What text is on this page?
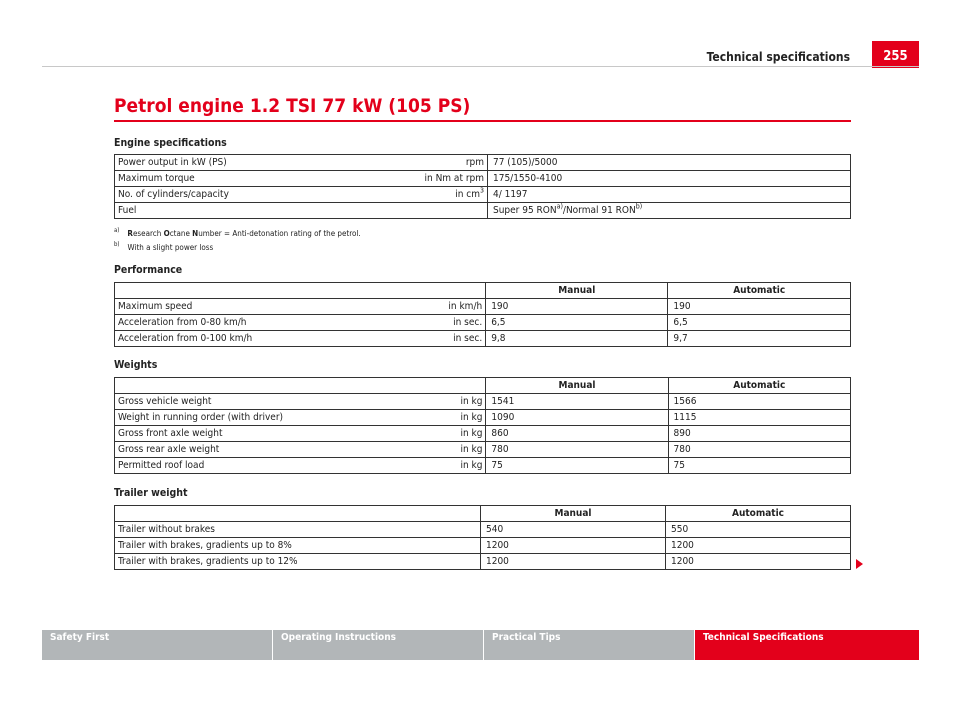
Technical specifications	255
Petrol engine 1.2 TSI 77 kW (105 PS)
Engine specifications
Power output in kW (PS)	rpm	77 (105)/5000
Maximum torque	in Nm at rpm	175/1550-4100
No. of cylinders/capacity	in $cm^3$	4/ 1197
Fuel		Super 95 RON$^{a)}$/Normal 91 RON$^{b)}$
$^{a)}$ Research Octane Number = Anti-detonation rating of the petrol.
$^{b)}$ With a slight power loss
Performance
		Manual	Automatic
Maximum speed	in km/h	190	190
Acceleration from 0-80 km/h	in sec.	6,5	6,5
Acceleration from 0-100 km/h	in sec.	9,8	9,7
Weights
		Manual	Automatic
Gross vehicle weight	in kg	1541	1566
Weight in running order (with driver)	in kg	1090	1115
Gross front axle weight	in kg	860	890
Gross rear axle weight	in kg	780	780
Permitted roof load	in kg	75	75
Trailer weight
	Manual	Automatic
Trailer without brakes	540	550
Trailer with brakes, gradients up to 8%	1200	1200
Trailer with brakes, gradients up to 12%	1200	1200
Safety First	Operating Instructions	Practical Tips	Technical Specifications
